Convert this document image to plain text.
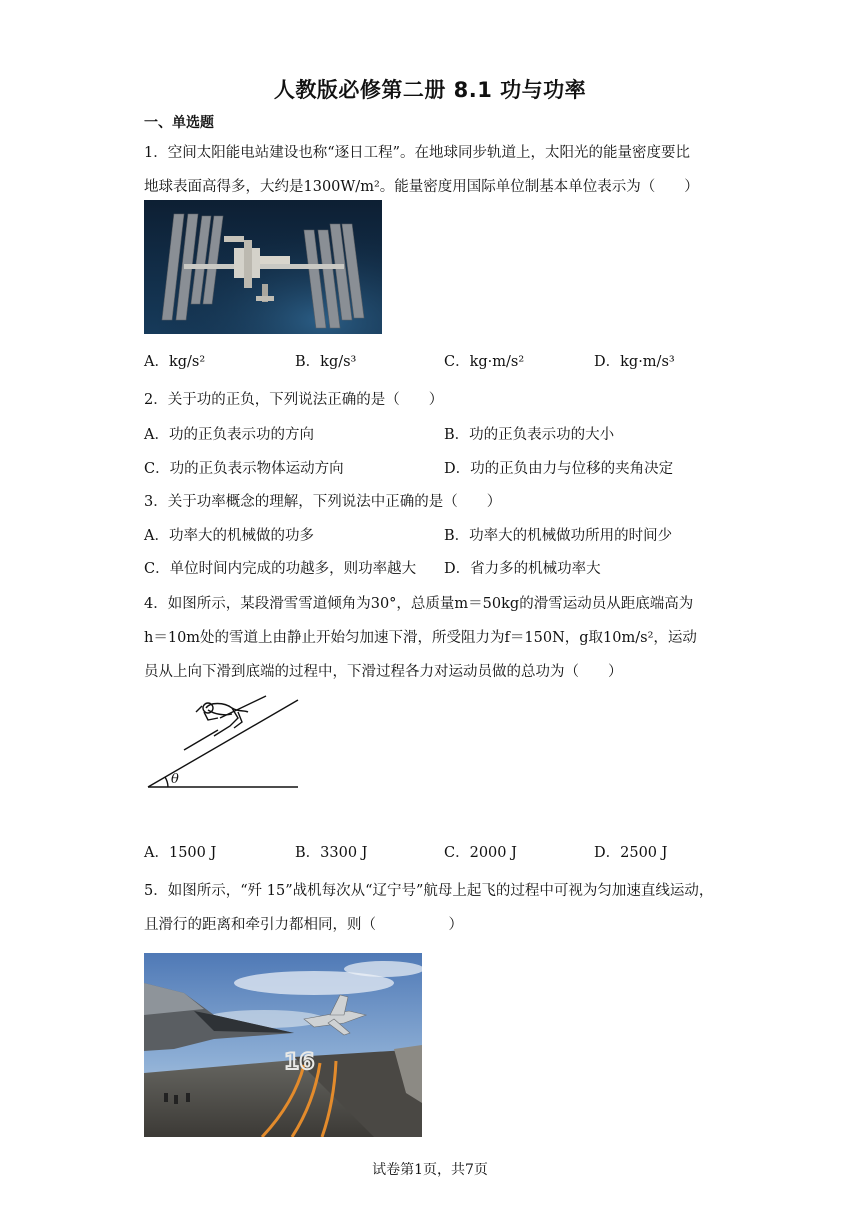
人教版必修第二册 8.1 功与功率
一、单选题
1．空间太阳能电站建设也称“逐日工程”。在地球同步轨道上，太阳光的能量密度要比
地球表面高得多，大约是1300W/m²。能量密度用国际单位制基本单位表示为（　　）
A．kg/s²	B．kg/s³	C．kg·m/s²	D．kg·m/s³
2．关于功的正负，下列说法正确的是（　　）
A．功的正负表示功的方向	B．功的正负表示功的大小
C．功的正负表示物体运动方向	D．功的正负由力与位移的夹角决定
3．关于功率概念的理解，下列说法中正确的是（　　）
A．功率大的机械做的功多	B．功率大的机械做功所用的时间少
C．单位时间内完成的功越多，则功率越大 D．省力多的机械功率大
4．如图所示，某段滑雪雪道倾角为30°，总质量m＝50kg的滑雪运动员从距底端高为
h＝10m处的雪道上由静止开始匀加速下滑，所受阻力为f＝150N，g取10m/s²，运动
员从上向下滑到底端的过程中，下滑过程各力对运动员做的总功为（　　）
θ
A．1500 J	B．3300 J	C．2000 J	D．2500 J
5．如图所示，“歼 15”战机每次从“辽宁号”航母上起飞的过程中可视为匀加速直线运动，
且滑行的距离和牵引力都相同，则（　　　　　）
16
试卷第1页，共7页
